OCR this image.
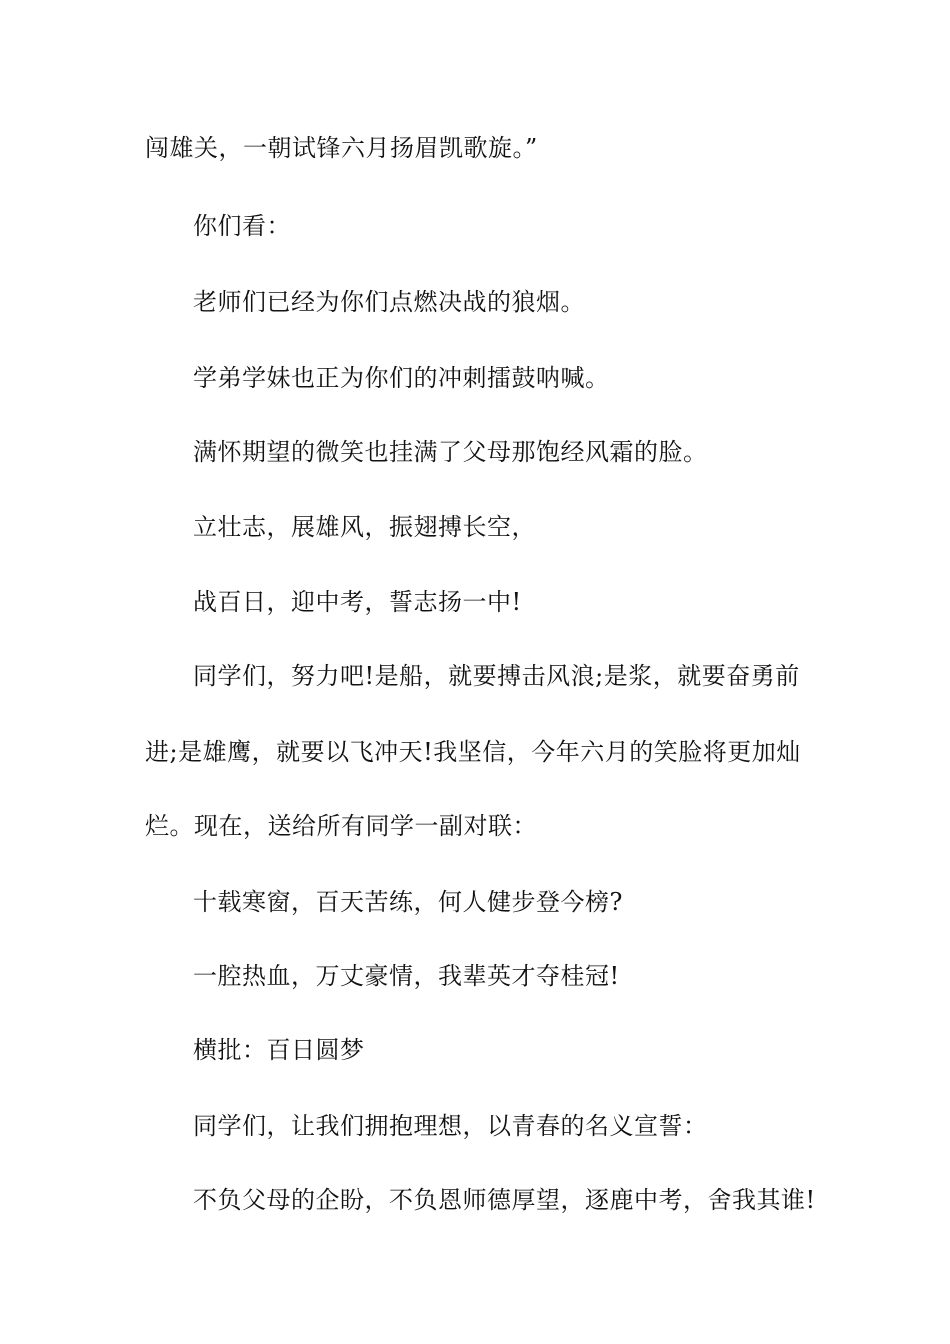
闯雄关，一朝试锋六月扬眉凯歌旋。”
你们看：
老师们已经为你们点燃决战的狼烟。
学弟学妹也正为你们的冲刺擂鼓呐喊。
满怀期望的微笑也挂满了父母那饱经风霜的脸。
立壮志，展雄风，振翅搏长空，
战百日，迎中考，誓志扬一中!
同学们，努力吧!是船，就要搏击风浪;是浆，就要奋勇前
进;是雄鹰，就要以飞冲天!我坚信，今年六月的笑脸将更加灿
烂。现在，送给所有同学一副对联：
十载寒窗，百天苦练，何人健步登今榜?
一腔热血，万丈豪情，我辈英才夺桂冠!
横批：百日圆梦
同学们，让我们拥抱理想，以青春的名义宣誓：
不负父母的企盼，不负恩师德厚望，逐鹿中考，舍我其谁!
